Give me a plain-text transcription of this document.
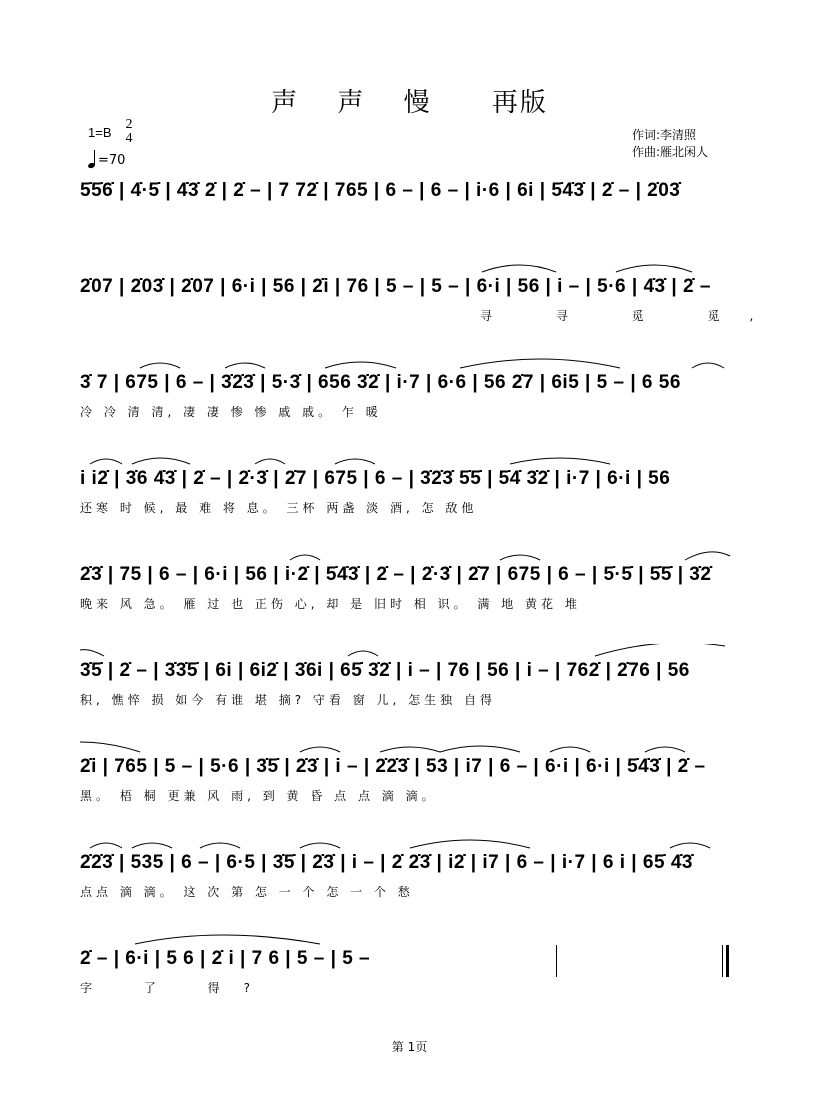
声 声 慢 再版
1=B
2
4
=70
作词:李清照
作曲:雁北闲人
5̇5̇6̇ | 4̇·5̇ | 4̇3̇ 2̇ | 2̇ – | 7 72̇ | 765 | 6 – | 6 – | i·6 | 6i | 5̇4̇3̇ | 2̇ – | 2̇03̇
2̇07 | 2̇03̇ | 2̇07 | 6·i | 56 | 2̇i | 76 | 5 – | 5 – | 6·i | 56 | i – | 5·6 | 4̇3̇ | 2̇ –
寻 寻 觅 觅,
3̇ 7 | 675 | 6 – | 3̇2̇3̇ | 5·3̇ | 656 3̇2̇ | i·7 | 6·6 | 56 2̇7 | 6i5 | 5 – | 6 56
冷 冷 清 清, 凄 凄 惨 惨 戚 戚。 乍 暖
i i2̇ | 3̇6 4̇3̇ | 2̇ – | 2̇·3̇ | 2̇7 | 675 | 6 – | 3̇2̇3̇ 5̇5̇ | 5̇4̇ 3̇2̇ | i·7 | 6·i | 56
还寒 时 候, 最 难 将 息。 三杯 两盏 淡 酒, 怎 敌他
2̇3̇ | 75 | 6 – | 6·i | 56 | i·2̇ | 5̇4̇3̇ | 2̇ – | 2̇·3̇ | 2̇7 | 675 | 6 – | 5̇·5̇ | 5̇5̇ | 3̇2̇
晚来 风 急。 雁 过 也 正伤 心, 却 是 旧时 相 识。 满 地 黄花 堆
3̇5̇ | 2̇ – | 3̇3̇5̇ | 6i | 6i2̇ | 3̇6i | 65̇ 3̇2̇ | i – | 76 | 56 | i – | 762̇ | 2̇76 | 56
积, 憔悴 损 如今 有谁 堪 摘? 守看 窗 儿, 怎生独 自得
2̇i | 765 | 5 – | 5·6 | 3̇5̇ | 2̇3̇ | i – | 2̇2̇3̇ | 53 | i7 | 6 – | 6·i | 6·i | 5̇4̇3̇ | 2̇ –
黑。 梧 桐 更兼 风 雨, 到 黄 昏 点 点 滴 滴。
2̇2̇3̇ | 535 | 6 – | 6·5 | 3̇5̇ | 2̇3̇ | i – | 2̇ 2̇3̇ | i2̇ | i7 | 6 – | i·7 | 6 i | 65̇ 4̇3̇
点点 滴 滴。 这 次 第 怎 一 个 怎 一 个 愁
2̇ – | 6·i | 5 6 | 2̇ i | 7 6 | 5 – | 5 –
字 了 得?
第 1页
